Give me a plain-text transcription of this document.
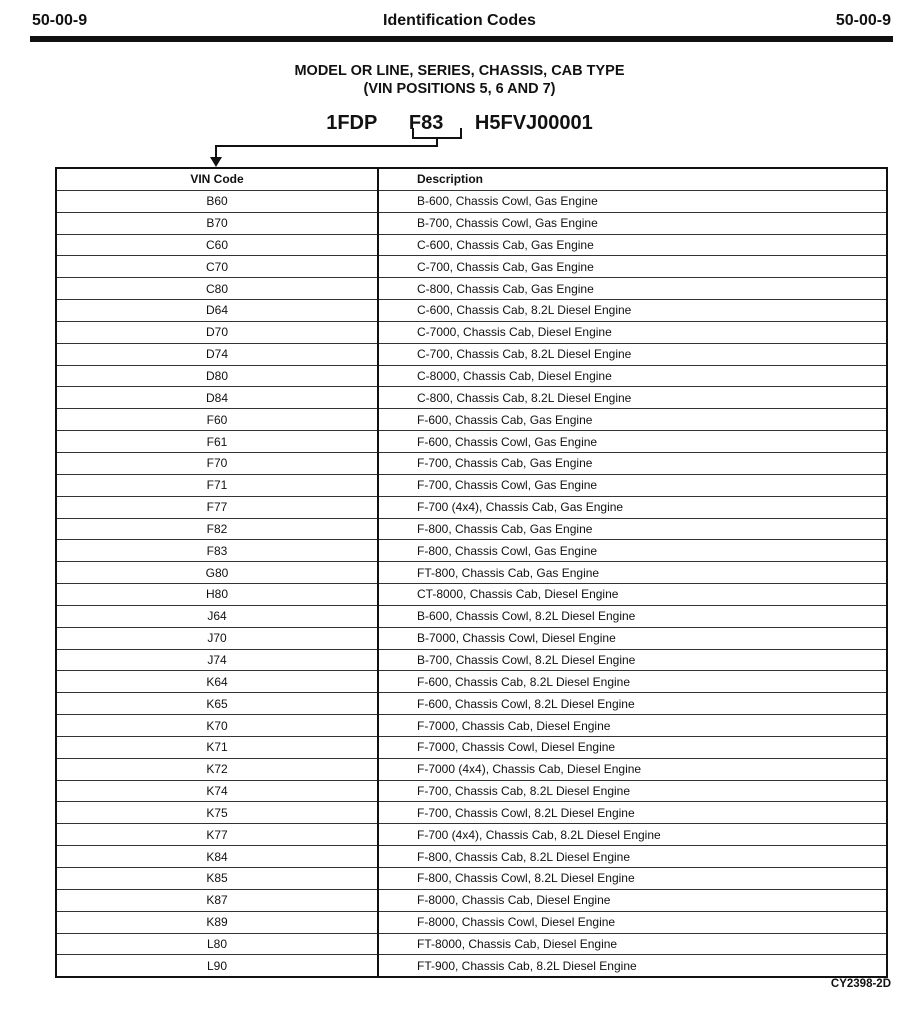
50-00-9	Identification Codes	50-00-9
MODEL OR LINE, SERIES, CHASSIS, CAB TYPE
(VIN POSITIONS 5, 6 AND 7)
1FDP F83 H5FVJ00001
VIN Code	Description
B60	B-600, Chassis Cowl, Gas Engine
B70	B-700, Chassis Cowl, Gas Engine
C60	C-600, Chassis Cab, Gas Engine
C70	C-700, Chassis Cab, Gas Engine
C80	C-800, Chassis Cab, Gas Engine
D64	C-600, Chassis Cab, 8.2L Diesel Engine
D70	C-7000, Chassis Cab, Diesel Engine
D74	C-700, Chassis Cab, 8.2L Diesel Engine
D80	C-8000, Chassis Cab, Diesel Engine
D84	C-800, Chassis Cab, 8.2L Diesel Engine
F60	F-600, Chassis Cab, Gas Engine
F61	F-600, Chassis Cowl, Gas Engine
F70	F-700, Chassis Cab, Gas Engine
F71	F-700, Chassis Cowl, Gas Engine
F77	F-700 (4x4), Chassis Cab, Gas Engine
F82	F-800, Chassis Cab, Gas Engine
F83	F-800, Chassis Cowl, Gas Engine
G80	FT-800, Chassis Cab, Gas Engine
H80	CT-8000, Chassis Cab, Diesel Engine
J64	B-600, Chassis Cowl, 8.2L Diesel Engine
J70	B-7000, Chassis Cowl, Diesel Engine
J74	B-700, Chassis Cowl, 8.2L Diesel Engine
K64	F-600, Chassis Cab, 8.2L Diesel Engine
K65	F-600, Chassis Cowl, 8.2L Diesel Engine
K70	F-7000, Chassis Cab, Diesel Engine
K71	F-7000, Chassis Cowl, Diesel Engine
K72	F-7000 (4x4), Chassis Cab, Diesel Engine
K74	F-700, Chassis Cab, 8.2L Diesel Engine
K75	F-700, Chassis Cowl, 8.2L Diesel Engine
K77	F-700 (4x4), Chassis Cab, 8.2L Diesel Engine
K84	F-800, Chassis Cab, 8.2L Diesel Engine
K85	F-800, Chassis Cowl, 8.2L Diesel Engine
K87	F-8000, Chassis Cab, Diesel Engine
K89	F-8000, Chassis Cowl, Diesel Engine
L80	FT-8000, Chassis Cab, Diesel Engine
L90	FT-900, Chassis Cab, 8.2L Diesel Engine
CY2398-2D
